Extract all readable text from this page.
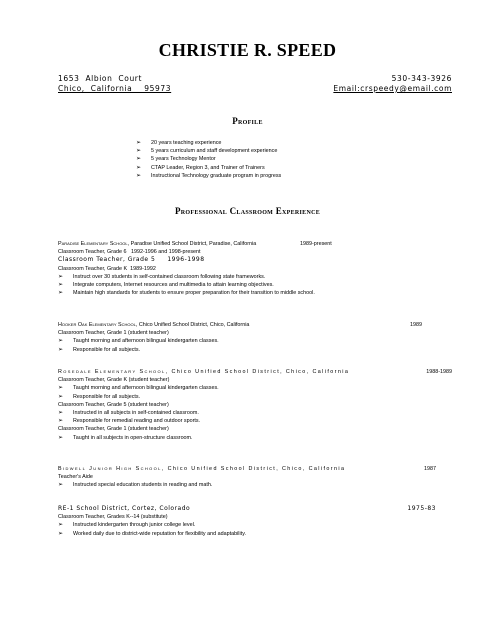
CHRISTIE R. SPEED
1653  Albion  Court	530-343-3926
Chico,  California    95973	Email:crspeedy@email.com
Profile
➢ 20 years teaching experience
➢ 5 years curriculum and staff development experience
➢ 5 years Technology Mentor
➢ CTAP Leader, Region 3, and Trainer of Trainers
➢ Instructional Technology graduate program in progress
Professional Classroom Experience
Paradise Elementary School, Paradise Unified School District, Paradise, California	1989-present
Classroom Teacher, Grade 6   1992-1996 and 1998-present
Classroom Teacher, Grade 5     1996-1998
Classroom Teacher, Grade K  1989-1992
➢ Instruct over 30 students in self-contained classroom following state frameworks.
➢ Integrate computers, Internet resources and multimedia to attain learning objectives.
➢ Maintain high standards for students to ensure proper preparation for their transition to middle school.
Hooker Oak Elementary School, Chico Unified School District, Chico, California	1989
Classroom Teacher, Grade 1 (student teacher)
➢ Taught morning and afternoon bilingual kindergarten classes.
➢ Responsible for all subjects.
Rosedale Elementary School, Chico Unified School District, Chico, California	1988-1989
Classroom Teacher, Grade K (student teacher)
➢ Taught morning and afternoon bilingual kindergarten classes.
➢ Responsible for all subjects.
Classroom Teacher, Grade 5 (student teacher)
➢ Instructed in all subjects in self-contained classroom.
➢ Responsible for remedial reading and outdoor sports.
Classroom Teacher, Grade 1 (student teacher)
➢ Taught in all subjects in open-structure classroom.
Bidwell Junior High School, Chico Unified School District, Chico, California	1987
Teacher's Aide
➢ Instructed special education students in reading and math.
RE-1 School District, Cortez, Colorado	1975-83
Classroom Teacher, Grades K--14 (substitute)
➢ Instructed kindergarten through junior college level.
➢ Worked daily due to district-wide reputation for flexibility and adaptability.
